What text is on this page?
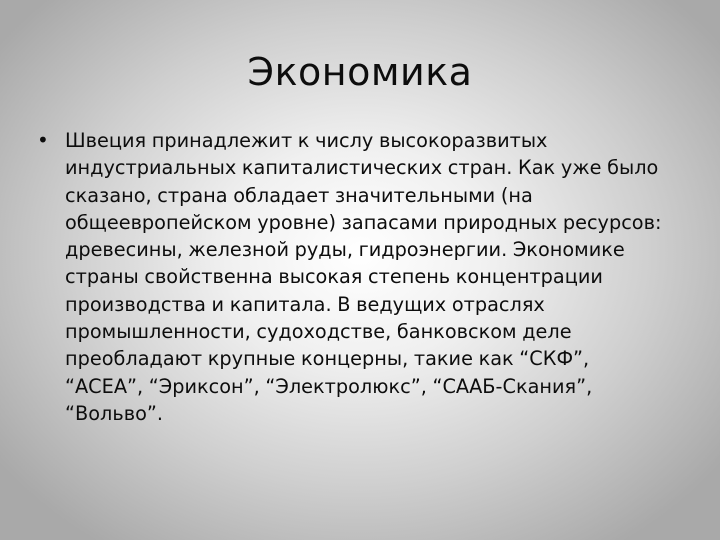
Экономика
• Швеция принадлежит к числу высокоразвитых индустриальных капиталистических стран. Как уже было сказано, страна обладает значительными (на общеевропейском уровне) запасами природных ресурсов: древесины, железной руды, гидроэнергии. Экономике страны свойственна высокая степень концентрации производства и капитала. В ведущих отраслях промышленности, судоходстве, банковском деле преобладают крупные концерны, такие как “СКФ”, “АСЕА”, “Эриксон”, “Электролюкс”, “СААБ-Скания”, “Вольво”.
